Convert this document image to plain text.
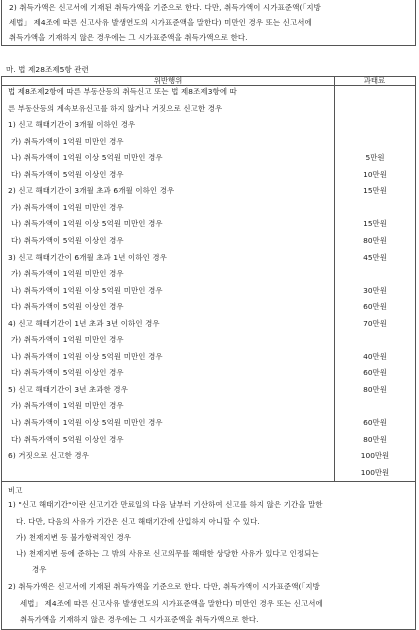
2) 취득가액은 신고서에 기재된 취득가액을 기준으로 한다. 다만, 취득가액이 시가표준액(「지방
세법」 제4조에 따른 신고사유 발생연도의 시가표준액을 말한다) 미만인 경우 또는 신고서에
취득가액을 기재하지 않은 경우에는 그 시가표준액을 취득가액으로 한다.
마. 법 제28조제5항 관련
위반행위	과태료
법 제8조제2항에 따른 부동산등의 취득신고 또는 법 제8조제3항에 따
른 부동산등의 계속보유신고를 하지 않거나 거짓으로 신고한 경우
1) 신고 해태기간이 3개월 이하인 경우
가) 취득가액이 1억원 미만인 경우
나) 취득가액이 1억원 이상 5억원 미만인 경우	5만원
다) 취득가액이 5억원 이상인 경우	10만원
2) 신고 해태기간이 3개월 초과 6개월 이하인 경우	15만원
가) 취득가액이 1억원 미만인 경우
나) 취득가액이 1억원 이상 5억원 미만인 경우	15만원
다) 취득가액이 5억원 이상인 경우	80만원
3) 신고 해태기간이 6개월 초과 1년 이하인 경우	45만원
가) 취득가액이 1억원 미만인 경우
나) 취득가액이 1억원 이상 5억원 미만인 경우	30만원
다) 취득가액이 5억원 이상인 경우	60만원
4) 신고 해태기간이 1년 초과 3년 이하인 경우	70만원
가) 취득가액이 1억원 미만인 경우
나) 취득가액이 1억원 이상 5억원 미만인 경우	40만원
다) 취득가액이 5억원 이상인 경우	60만원
5) 신고 해태기간이 3년 초과한 경우	80만원
가) 취득가액이 1억원 미만인 경우
나) 취득가액이 1억원 이상 5억원 미만인 경우	60만원
다) 취득가액이 5억원 이상인 경우	80만원
6) 거짓으로 신고한 경우	100만원
100만원
비고
1) "신고 해태기간"이란 신고기간 만료일의 다음 날부터 기산하여 신고를 하지 않은 기간을 말한
다. 다만, 다음의 사유가 기간은 신고 해태기간에 산입하지 아니할 수 있다.
가) 천재지변 등 불가항력적인 경우
나) 천재지변 등에 준하는 그 밖의 사유로 신고의무를 해태한 상당한 사유가 있다고 인정되는
경우
2) 취득가액은 신고서에 기재된 취득가액을 기준으로 한다. 다만, 취득가액이 시가표준액(「지방
세법」 제4조에 따른 신고사유 발생연도의 시가표준액을 말한다) 미만인 경우 또는 신고서에
취득가액을 기재하지 않은 경우에는 그 시가표준액을 취득가액으로 한다.
